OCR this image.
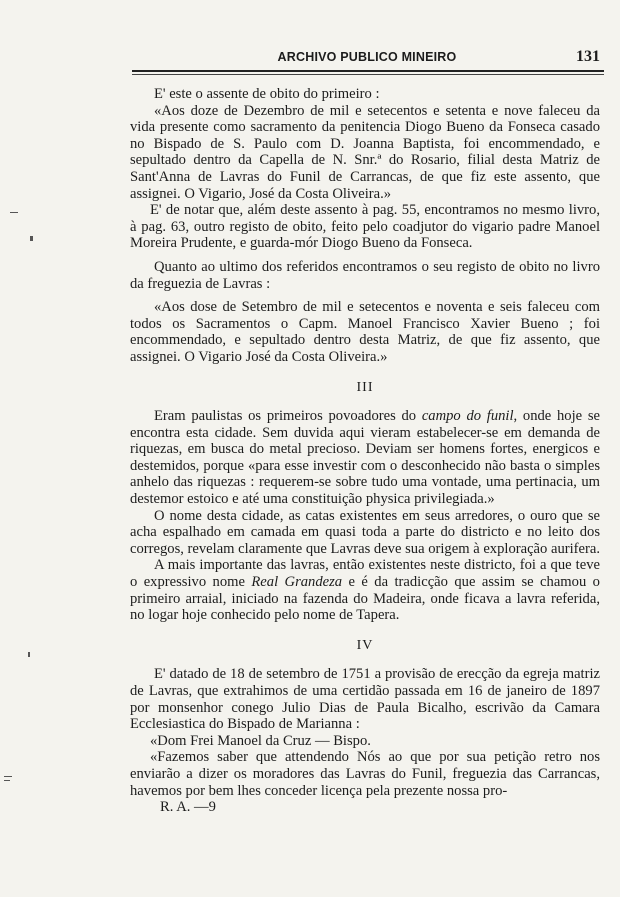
ARCHIVO PUBLICO MINEIRO	131

E' este o assente de obito do primeiro :

«Aos doze de Dezembro de mil e setecentos e setenta e nove faleceu da vida presente como sacramento da penitencia Diogo Bueno da Fonseca casado no Bispado de S. Paulo com D. Joanna Baptista, foi encommendado, e sepultado dentro da Capella de N. Snr.ª do Rosario, filial desta Matriz de Sant'Anna de Lavras do Funil de Carrancas, de que fiz este assento, que assignei. O Vigario, José da Costa Oliveira.»

E' de notar que, além deste assento à pag. 55, encontramos no mesmo livro, à pag. 63, outro registo de obito, feito pelo coadjutor do vigario padre Manoel Moreira Prudente, e guarda-mór Diogo Bueno da Fonseca.

Quanto ao ultimo dos referidos encontramos o seu registo de obito no livro da freguezia de Lavras :

«Aos dose de Setembro de mil e setecentos e noventa e seis faleceu com todos os Sacramentos o Capm. Manoel Francisco Xavier Bueno ; foi encommendado, e sepultado dentro desta Matriz, de que fiz assento, que assignei. O Vigario José da Costa Oliveira.»

III

Eram paulistas os primeiros povoadores do campo do funil, onde hoje se encontra esta cidade. Sem duvida aqui vieram estabelecer-se em demanda de riquezas, em busca do metal precioso. Deviam ser homens fortes, energicos e destemidos, porque «para esse investir com o desconhecido não basta o simples anhelo das riquezas : requerem-se sobre tudo uma vontade, uma pertinacia, um destemor estoico e até uma constituição physica privilegiada.»

O nome desta cidade, as catas existentes em seus arredores, o ouro que se acha espalhado em camada em quasi toda a parte do districto e no leito dos corregos, revelam claramente que Lavras deve sua origem à exploração aurifera.

A mais importante das lavras, então existentes neste districto, foi a que teve o expressivo nome Real Grandeza e é da tradicção que assim se chamou o primeiro arraial, iniciado na fazenda do Madeira, onde ficava a lavra referida, no logar hoje conhecido pelo nome de Tapera.

IV

E' datado de 18 de setembro de 1751 a provisão de erecção da egreja matriz de Lavras, que extrahimos de uma certidão passada em 16 de janeiro de 1897 por monsenhor conego Julio Dias de Paula Bicalho, escrivão da Camara Ecclesiastica do Bispado de Marianna :

«Dom Frei Manoel da Cruz — Bispo.

«Fazemos saber que attendendo Nós ao que por sua petição retro nos enviarão a dizer os moradores das Lavras do Funil, freguezia das Carrancas, havemos por bem lhes conceder licença pela prezente nossa pro-

R. A. —9
